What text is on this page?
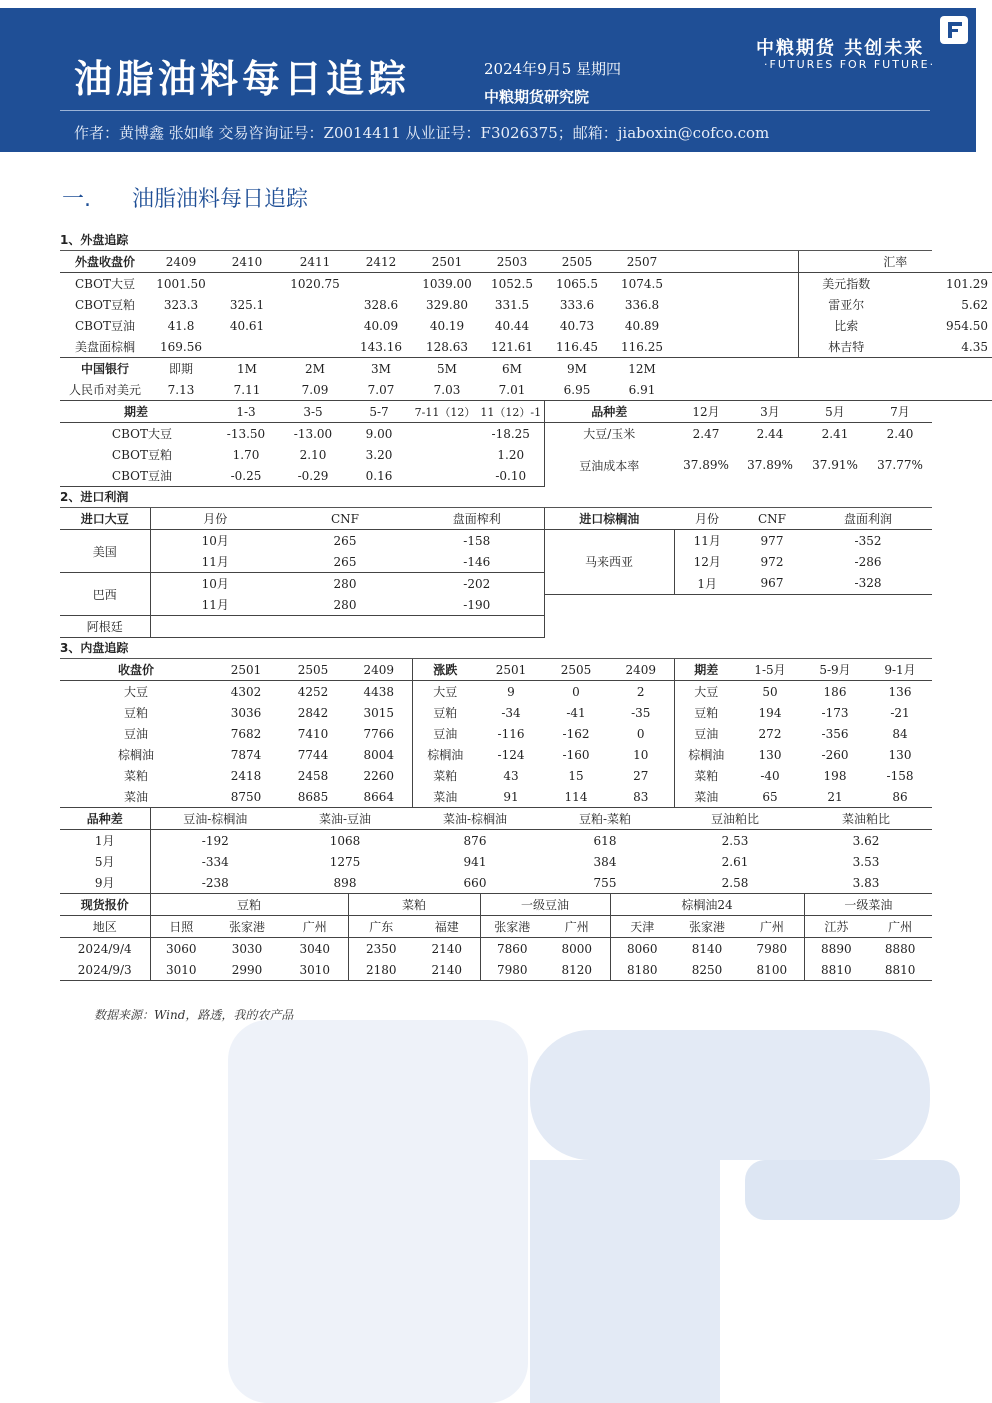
油脂油料每日追踪	2024年9月5 星期四
中粮期货研究院
中粮期货 共创未来
·FUTURES FOR FUTURE·
作者：黄博鑫 张如峰 交易咨询证号：Z0014411 从业证号：F3026375；邮箱：jiaboxin@cofco.com
一. 油脂油料每日追踪
1、外盘追踪
外盘收盘价	2409	2410	2411	2412	2501	2503	2505	2507		汇率	
CBOT大豆	1001.50		1020.75		1039.00	1052.5	1065.5	1074.5		美元指数	101.29
CBOT豆粕	323.3	325.1		328.6	329.80	331.5	333.6	336.8		雷亚尔	5.62
CBOT豆油	41.8	40.61		40.09	40.19	40.44	40.73	40.89		比索	954.50
美盘面棕榈	169.56			143.16	128.63	121.61	116.45	116.25		林吉特	4.35
中国银行	即期	1M	2M	3M	5M	6M	9M	12M	
人民币对美元	7.13	7.11	7.09	7.07	7.03	7.01	6.95	6.91	
期差	1-3	3-5	5-7	7-11（12）	11（12）-1	品种差	12月	3月	5月	7月
CBOT大豆	-13.50	-13.00	9.00		-18.25	大豆/玉米	2.47	2.44	2.41	2.40
CBOT豆粕	1.70	2.10	3.20		1.20	豆油成本率	37.89%	37.89%	37.91%	37.77%
CBOT豆油	-0.25	-0.29	0.16		-0.10					
2、进口利润
进口大豆	月份	CNF	盘面榨利	进口棕榈油	月份	CNF	盘面利润
美国	10月	265	-158	马来西亚	11月	977	-352
	11月	265	-146		12月	972	-286
巴西	10月	280	-202		1月	967	-328
	11月	280	-190				
阿根廷							
3、内盘追踪
收盘价	2501	2505	2409	涨跌	2501	2505	2409	期差	1-5月	5-9月	9-1月
大豆	4302	4252	4438	大豆	9	0	2	大豆	50	186	136
豆粕	3036	2842	3015	豆粕	-34	-41	-35	豆粕	194	-173	-21
豆油	7682	7410	7766	豆油	-116	-162	0	豆油	272	-356	84
棕榈油	7874	7744	8004	棕榈油	-124	-160	10	棕榈油	130	-260	130
菜粕	2418	2458	2260	菜粕	43	15	27	菜粕	-40	198	-158
菜油	8750	8685	8664	菜油	91	114	83	菜油	65	21	86
品种差	豆油-棕榈油	菜油-豆油	菜油-棕榈油	豆粕-菜粕	豆油粕比	菜油粕比
1月	-192	1068	876	618	2.53	3.62
5月	-334	1275	941	384	2.61	3.53
9月	-238	898	660	755	2.58	3.83
现货报价	豆粕			菜粕		一级豆油		棕榈油24			一级菜油	
地区	日照	张家港	广州	广东	福建	张家港	广州	天津	张家港	广州	江苏	广州
2024/9/4	3060	3030	3040	2350	2140	7860	8000	8060	8140	7980	8890	8880
2024/9/3	3010	2990	3010	2180	2140	7980	8120	8180	8250	8100	8810	8810
数据来源：Wind，路透，我的农产品
